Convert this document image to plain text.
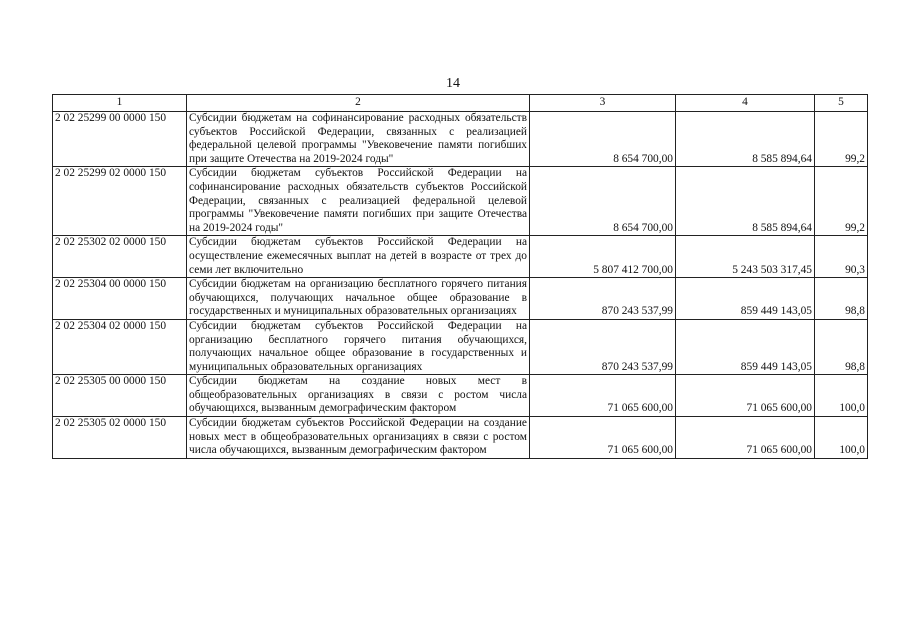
14
1	2	3	4	5
2 02 25299 00 0000 150	Субсидии бюджетам на софинансирование расходных обязательств субъектов Российской Федерации, связанных с реализацией федеральной целевой программы "Увековечение памяти погибших при защите Отечества на 2019-2024 годы"	8 654 700,00	8 585 894,64	99,2
2 02 25299 02 0000 150	Субсидии бюджетам субъектов Российской Федерации на софинансирование расходных обязательств субъектов Российской Федерации, связанных с реализацией федеральной целевой программы "Увековечение памяти погибших при защите Отечества на 2019-2024 годы"	8 654 700,00	8 585 894,64	99,2
2 02 25302 02 0000 150	Субсидии бюджетам субъектов Российской Федерации на осуществление ежемесячных выплат на детей в возрасте от трех до семи лет включительно	5 807 412 700,00	5 243 503 317,45	90,3
2 02 25304 00 0000 150	Субсидии бюджетам на организацию бесплатного горячего питания обучающихся, получающих начальное общее образование в государственных и муниципальных образовательных организациях	870 243 537,99	859 449 143,05	98,8
2 02 25304 02 0000 150	Субсидии бюджетам субъектов Российской Федерации на организацию бесплатного горячего питания обучающихся, получающих начальное общее образование в государственных и муниципальных образовательных организациях	870 243 537,99	859 449 143,05	98,8
2 02 25305 00 0000 150	Субсидии бюджетам на создание новых мест в общеобразовательных организациях в связи с ростом числа обучающихся, вызванным демографическим фактором	71 065 600,00	71 065 600,00	100,0
2 02 25305 02 0000 150	Субсидии бюджетам субъектов Российской Федерации на создание новых мест в общеобразовательных организациях в связи с ростом числа обучающихся, вызванным демографическим фактором	71 065 600,00	71 065 600,00	100,0
